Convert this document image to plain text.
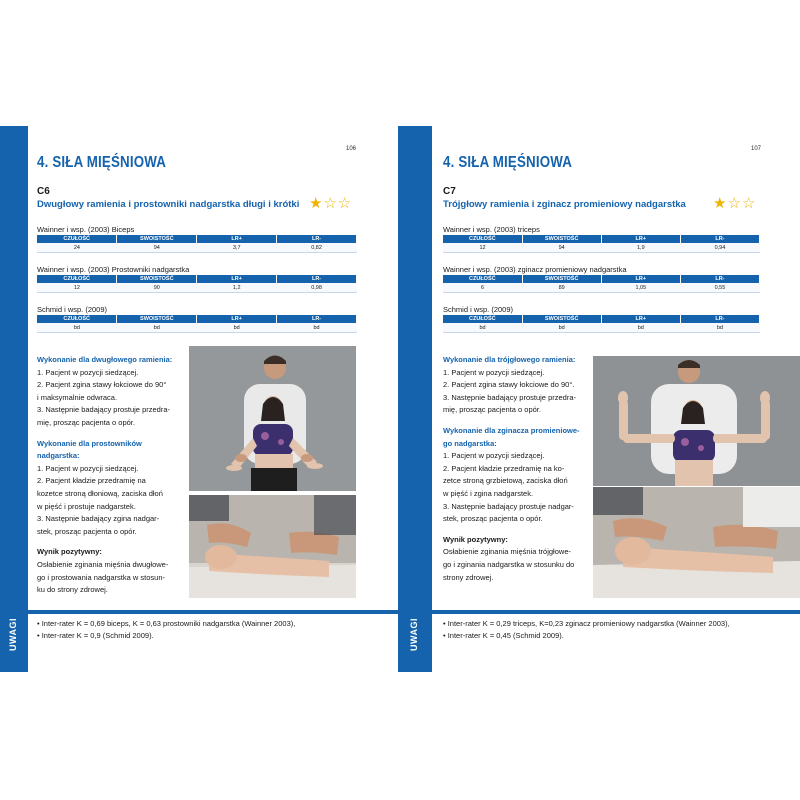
106
4. SIŁA MIĘŚNIOWA
C6
Dwugłowy ramienia i prostowniki nadgarstka długi i krótki ★☆☆
Wainner i wsp. (2003) Biceps
CZUŁOŚĆ	SWOISTOŚĆ	LR+	LR-
24	94	3,7	0,82
Wainner i wsp. (2003) Prostowniki nadgarstka
CZUŁOŚĆ	SWOISTOŚĆ	LR+	LR-
12	90	1,2	0,98
Schmid i wsp. (2009)
CZUŁOŚĆ	SWOISTOŚĆ	LR+	LR-
bd	bd	bd	bd
Wykonanie dla dwugłowego ramienia:
1. Pacjent w pozycji siedzącej.
2. Pacjent zgina stawy łokciowe do 90°
i maksymalnie odwraca.
3. Następnie badający prostuje przedra-
mię, prosząc pacjenta o opór.
Wykonanie dla prostowników nadgarstka:
1. Pacjent w pozycji siedzącej.
2. Pacjent kładzie przedramię na
kozetce stroną dłoniową, zaciska dłoń
w pięść i prostuje nadgarstek.
3. Następnie badający zgina nadgar-
stek, prosząc pacjenta o opór.
Wynik pozytywny:
Osłabienie zginania mięśnia dwugłowe-
go i prostowania nadgarstka w stosun-
ku do strony zdrowej.
107
4. SIŁA MIĘŚNIOWA
C7
Trójgłowy ramienia i zginacz promieniowy nadgarstka ★☆☆
Wainner i wsp. (2003) triceps
CZUŁOŚĆ	SWOISTOŚĆ	LR+	LR-
12	94	1,9	0,94
Wainner i wsp. (2003) zginacz promieniowy nadgarstka
CZUŁOŚĆ	SWOISTOŚĆ	LR+	LR-
6	89	1,05	0,55
Schmid i wsp. (2009)
CZUŁOŚĆ	SWOISTOŚĆ	LR+	LR-
bd	bd	bd	bd
Wykonanie dla trójgłowego ramienia:
1. Pacjent w pozycji siedzącej.
2. Pacjent zgina stawy łokciowe do 90°.
3. Następnie badający prostuje przedra-
mię, prosząc pacjenta o opór.
Wykonanie dla zginacza promieniowe-
go nadgarstka:
1. Pacjent w pozycji siedzącej.
2. Pacjent kładzie przedramię na ko-
zetce stroną grzbietową, zaciska dłoń
w pięść i zgina nadgarstek.
3. Następnie badający prostuje nadgar-
stek, prosząc pacjenta o opór.
Wynik pozytywny:
Osłabienie zginania mięśnia trójgłowe-
go i zginania nadgarstka w stosunku do
strony zdrowej.
UWAGI	• Inter-rater K = 0,69 biceps, K = 0,63 prostowniki nadgarstka (Wainner 2003),
• Inter-rater K = 0,9 (Schmid 2009).	UWAGI	• Inter-rater K = 0,29 triceps, K=0,23 zginacz promieniowy nadgarstka (Wainner 2003),
• Inter-rater K = 0,45 (Schmid 2009).
